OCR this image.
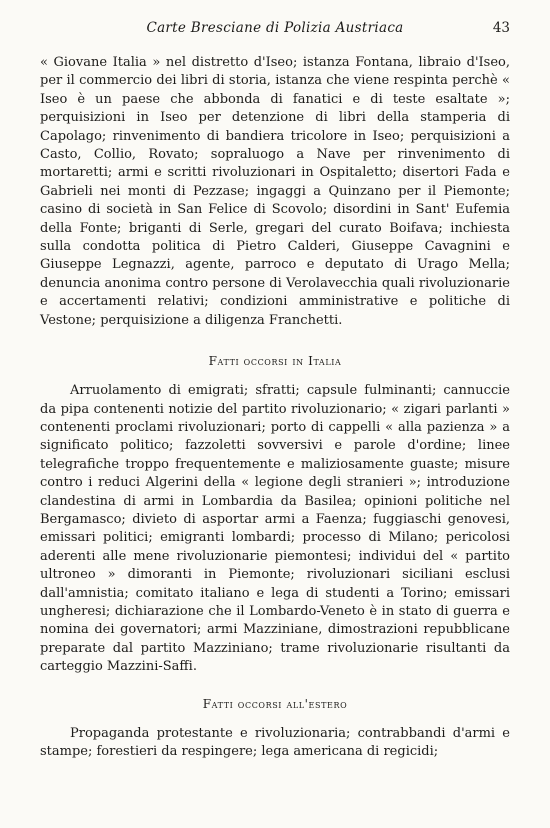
Carte Bresciane di Polizia Austriaca	43

« Giovane Italia » nel distretto d'Iseo; istanza Fontana, libraio d'Iseo, per il commercio dei libri di storia, istanza che viene respinta perchè « Iseo è un paese che abbonda di fanatici e di teste esaltate »; perquisizioni in Iseo per detenzione di libri della stamperia di Capolago; rinvenimento di bandiera tricolore in Iseo; perquisizioni a Casto, Collio, Rovato; sopraluogo a Nave per rinvenimento di mortaretti; armi e scritti rivoluzionari in Ospitaletto; disertori Fada e Gabrieli nei monti di Pezzase; ingaggi a Quinzano per il Piemonte; casino di società in San Felice di Scovolo; disordini in Sant' Eufemia della Fonte; briganti di Serle, gregari del curato Boifava; inchiesta sulla condotta politica di Pietro Calderi, Giuseppe Cavagnini e Giuseppe Legnazzi, agente, parroco e deputato di Urago Mella; denuncia anonima contro persone di Verolavecchia quali rivoluzionarie e accertamenti relativi; condizioni amministrative e politiche di Vestone; perquisizione a diligenza Franchetti.

Fatti occorsi in Italia

Arruolamento di emigrati; sfratti; capsule fulminanti; cannuccie da pipa contenenti notizie del partito rivoluzionario; « zigari parlanti » contenenti proclami rivoluzionari; porto di cappelli « alla pazienza » a significato politico; fazzoletti sovversivi e parole d'ordine; linee telegrafiche troppo frequentemente e maliziosamente guaste; misure contro i reduci Algerini della « legione degli stranieri »; introduzione clandestina di armi in Lombardia da Basilea; opinioni politiche nel Bergamasco; divieto di asportar armi a Faenza; fuggiaschi genovesi, emissari politici; emigranti lombardi; processo di Milano; pericolosi aderenti alle mene rivoluzionarie piemontesi; individui del « partito ultroneo » dimoranti in Piemonte; rivoluzionari siciliani esclusi dall'amnistia; comitato italiano e lega di studenti a Torino; emissari ungheresi; dichiarazione che il Lombardo-Veneto è in stato di guerra e nomina dei governatori; armi Mazziniane, dimostrazioni repubblicane preparate dal partito Mazziniano; trame rivoluzionarie risultanti da carteggio Mazzini-Saffi.

Fatti occorsi all'estero

Propaganda protestante e rivoluzionaria; contrabbandi d'armi e stampe; forestieri da respingere; lega americana di regicidi;
